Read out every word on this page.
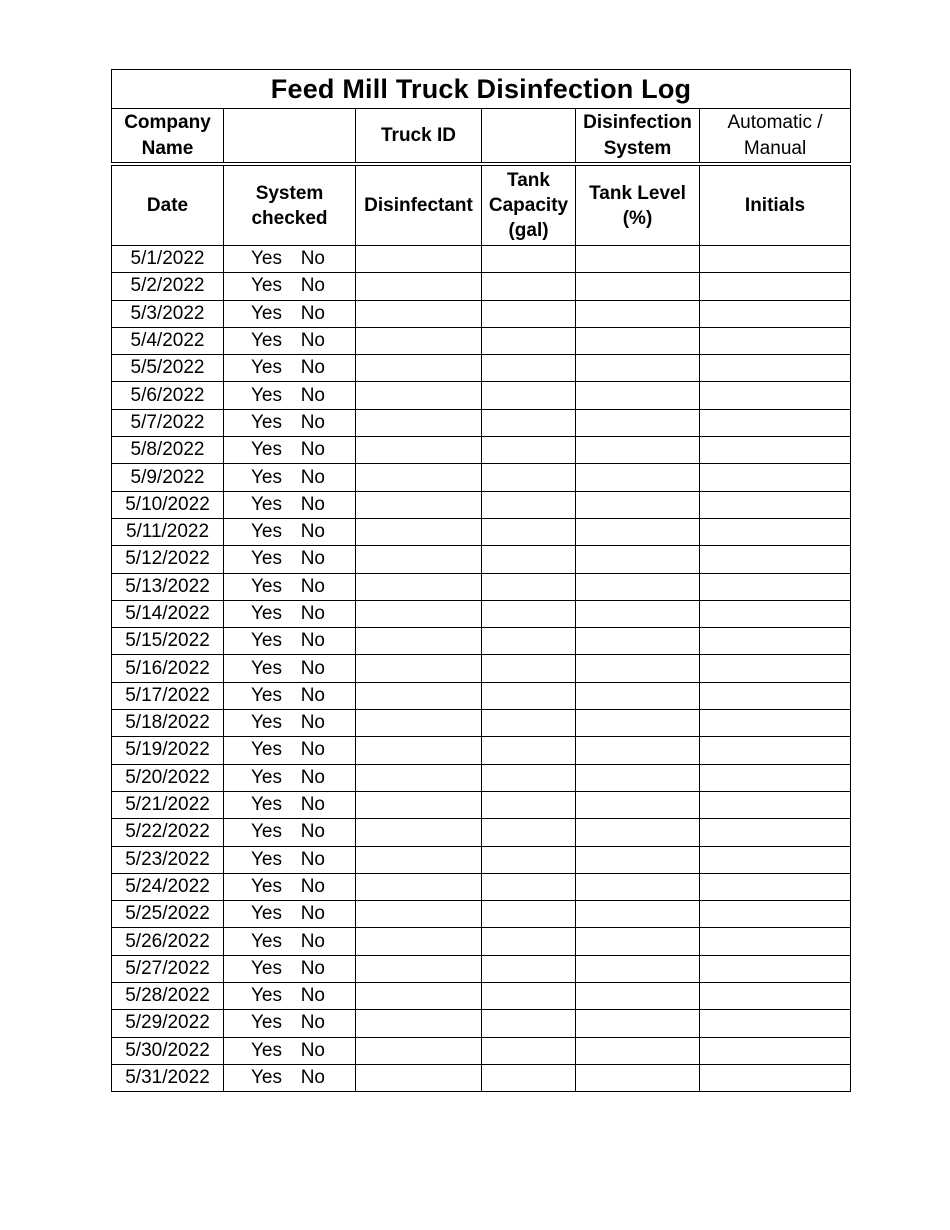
Feed Mill Truck Disinfection Log					
Company Name		Truck ID		Disinfection System	Automatic / Manual
Date	System checked	Disinfectant	Tank Capacity (gal)	Tank Level (%)	Initials
5/1/2022	Yes No				

5/2/2022	Yes No				

5/3/2022	Yes No				

5/4/2022	Yes No				

5/5/2022	Yes No				

5/6/2022	Yes No				

5/7/2022	Yes No				

5/8/2022	Yes No				

5/9/2022	Yes No				

5/10/2022	Yes No				

5/11/2022	Yes No				

5/12/2022	Yes No				

5/13/2022	Yes No				

5/14/2022	Yes No				

5/15/2022	Yes No				

5/16/2022	Yes No				

5/17/2022	Yes No				

5/18/2022	Yes No				

5/19/2022	Yes No				

5/20/2022	Yes No				

5/21/2022	Yes No				

5/22/2022	Yes No				

5/23/2022	Yes No				

5/24/2022	Yes No				

5/25/2022	Yes No				

5/26/2022	Yes No				

5/27/2022	Yes No				

5/28/2022	Yes No				

5/29/2022	Yes No				

5/30/2022	Yes No				

5/31/2022	Yes No				
